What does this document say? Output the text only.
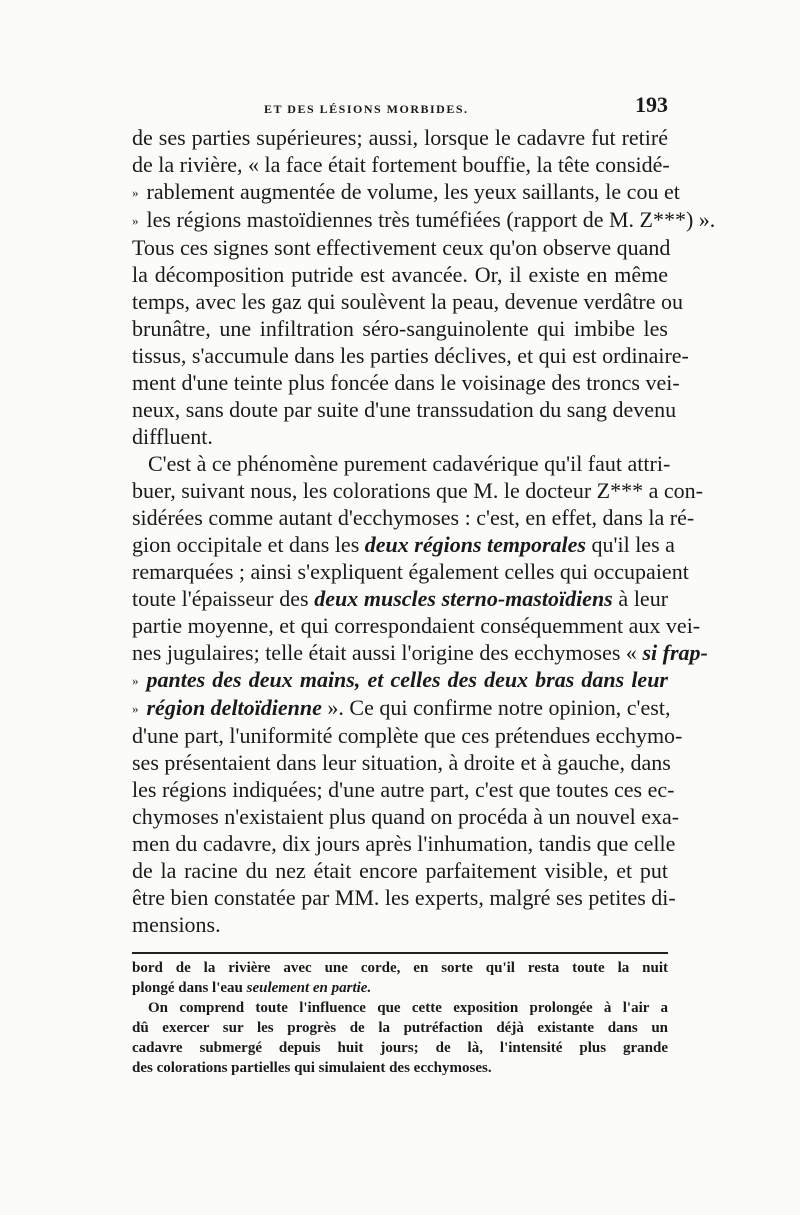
ET DES LÉSIONS MORBIDES.	193

de ses parties supérieures; aussi, lorsque le cadavre fut retiré
de la rivière, « la face était fortement bouffie, la tête considé-
» rablement augmentée de volume, les yeux saillants, le cou et
» les régions mastoïdiennes très tuméfiées (rapport de M. Z***) ».
Tous ces signes sont effectivement ceux qu'on observe quand
la décomposition putride est avancée. Or, il existe en même
temps, avec les gaz qui soulèvent la peau, devenue verdâtre ou
brunâtre, une infiltration séro-sanguinolente qui imbibe les
tissus, s'accumule dans les parties déclives, et qui est ordinaire-
ment d'une teinte plus foncée dans le voisinage des troncs vei-
neux, sans doute par suite d'une transsudation du sang devenu
diffluent.

C'est à ce phénomène purement cadavérique qu'il faut attri-
buer, suivant nous, les colorations que M. le docteur Z*** a con-
sidérées comme autant d'ecchymoses : c'est, en effet, dans la ré-
gion occipitale et dans les deux régions temporales qu'il les a
remarquées ; ainsi s'expliquent également celles qui occupaient
toute l'épaisseur des deux muscles sterno-mastoïdiens à leur
partie moyenne, et qui correspondaient conséquemment aux vei-
nes jugulaires; telle était aussi l'origine des ecchymoses « si frap-
» pantes des deux mains, et celles des deux bras dans leur
» région deltoïdienne ». Ce qui confirme notre opinion, c'est,
d'une part, l'uniformité complète que ces prétendues ecchymo-
ses présentaient dans leur situation, à droite et à gauche, dans
les régions indiquées; d'une autre part, c'est que toutes ces ec-
chymoses n'existaient plus quand on procéda à un nouvel exa-
men du cadavre, dix jours après l'inhumation, tandis que celle
de la racine du nez était encore parfaitement visible, et put
être bien constatée par MM. les experts, malgré ses petites di-
mensions.

bord de la rivière avec une corde, en sorte qu'il resta toute la nuit
plongé dans l'eau seulement en partie.
On comprend toute l'influence que cette exposition prolongée à l'air a
dû exercer sur les progrès de la putréfaction déjà existante dans un
cadavre submergé depuis huit jours; de là, l'intensité plus grande
des colorations partielles qui simulaient des ecchymoses.
